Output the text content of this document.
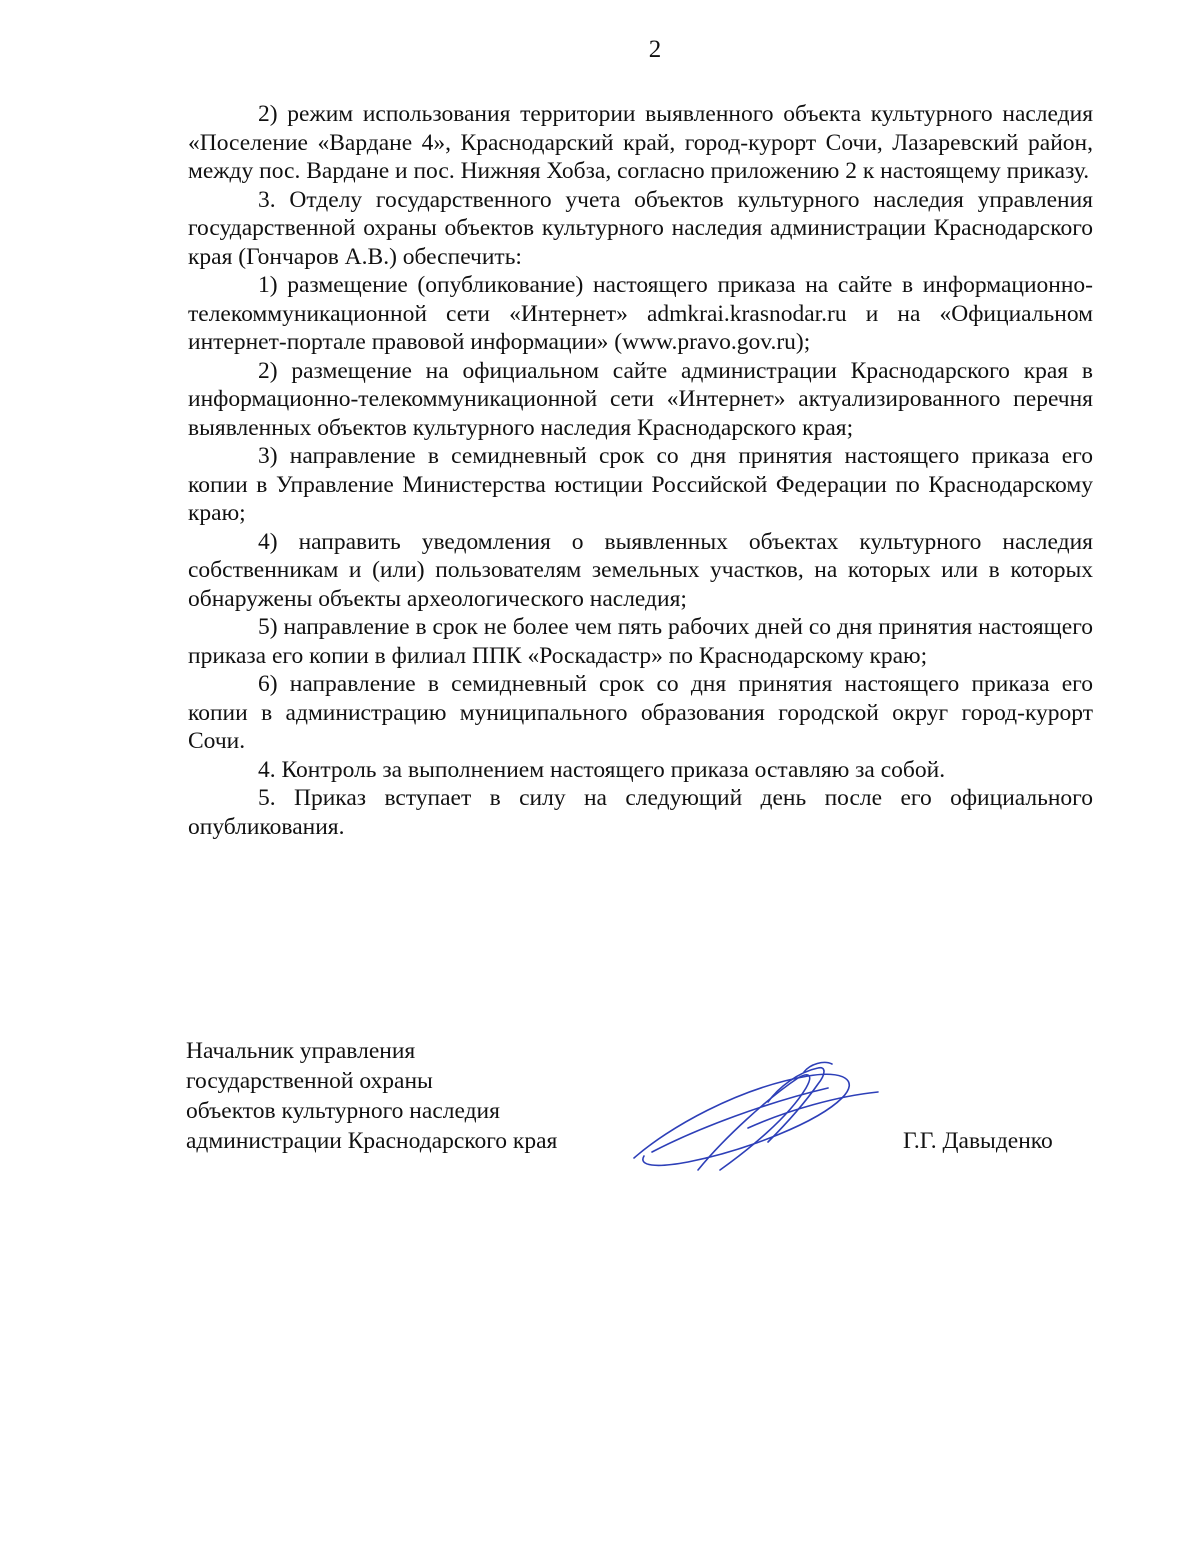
2

2) режим использования территории выявленного объекта культурного наследия «Поселение «Вардане 4», Краснодарский край, город-курорт Сочи, Лазаревский район, между пос. Вардане и пос. Нижняя Хобза, согласно приложению 2 к настоящему приказу.

3. Отделу государственного учета объектов культурного наследия управления государственной охраны объектов культурного наследия администрации Краснодарского края (Гончаров А.В.) обеспечить:

1) размещение (опубликование) настоящего приказа на сайте в информационно-телекоммуникационной сети «Интернет» admkrai.krasnodar.ru и на «Официальном интернет-портале правовой информации» (www.pravo.gov.ru);

2) размещение на официальном сайте администрации Краснодарского края в информационно-телекоммуникационной сети «Интернет» актуализированного перечня выявленных объектов культурного наследия Краснодарского края;

3) направление в семидневный срок со дня принятия настоящего приказа его копии в Управление Министерства юстиции Российской Федерации по Краснодарскому краю;

4) направить уведомления о выявленных объектах культурного наследия собственникам и (или) пользователям земельных участков, на которых или в которых обнаружены объекты археологического наследия;

5) направление в срок не более чем пять рабочих дней со дня принятия настоящего приказа его копии в филиал ППК «Роскадастр» по Краснодарскому краю;

6) направление в семидневный срок со дня принятия настоящего приказа его копии в администрацию муниципального образования городской округ город-курорт Сочи.

4. Контроль за выполнением настоящего приказа оставляю за собой.

5. Приказ вступает в силу на следующий день после его официального опубликования.

Начальник управления
государственной охраны
объектов культурного наследия
администрации Краснодарского края	Г.Г. Давыденко
